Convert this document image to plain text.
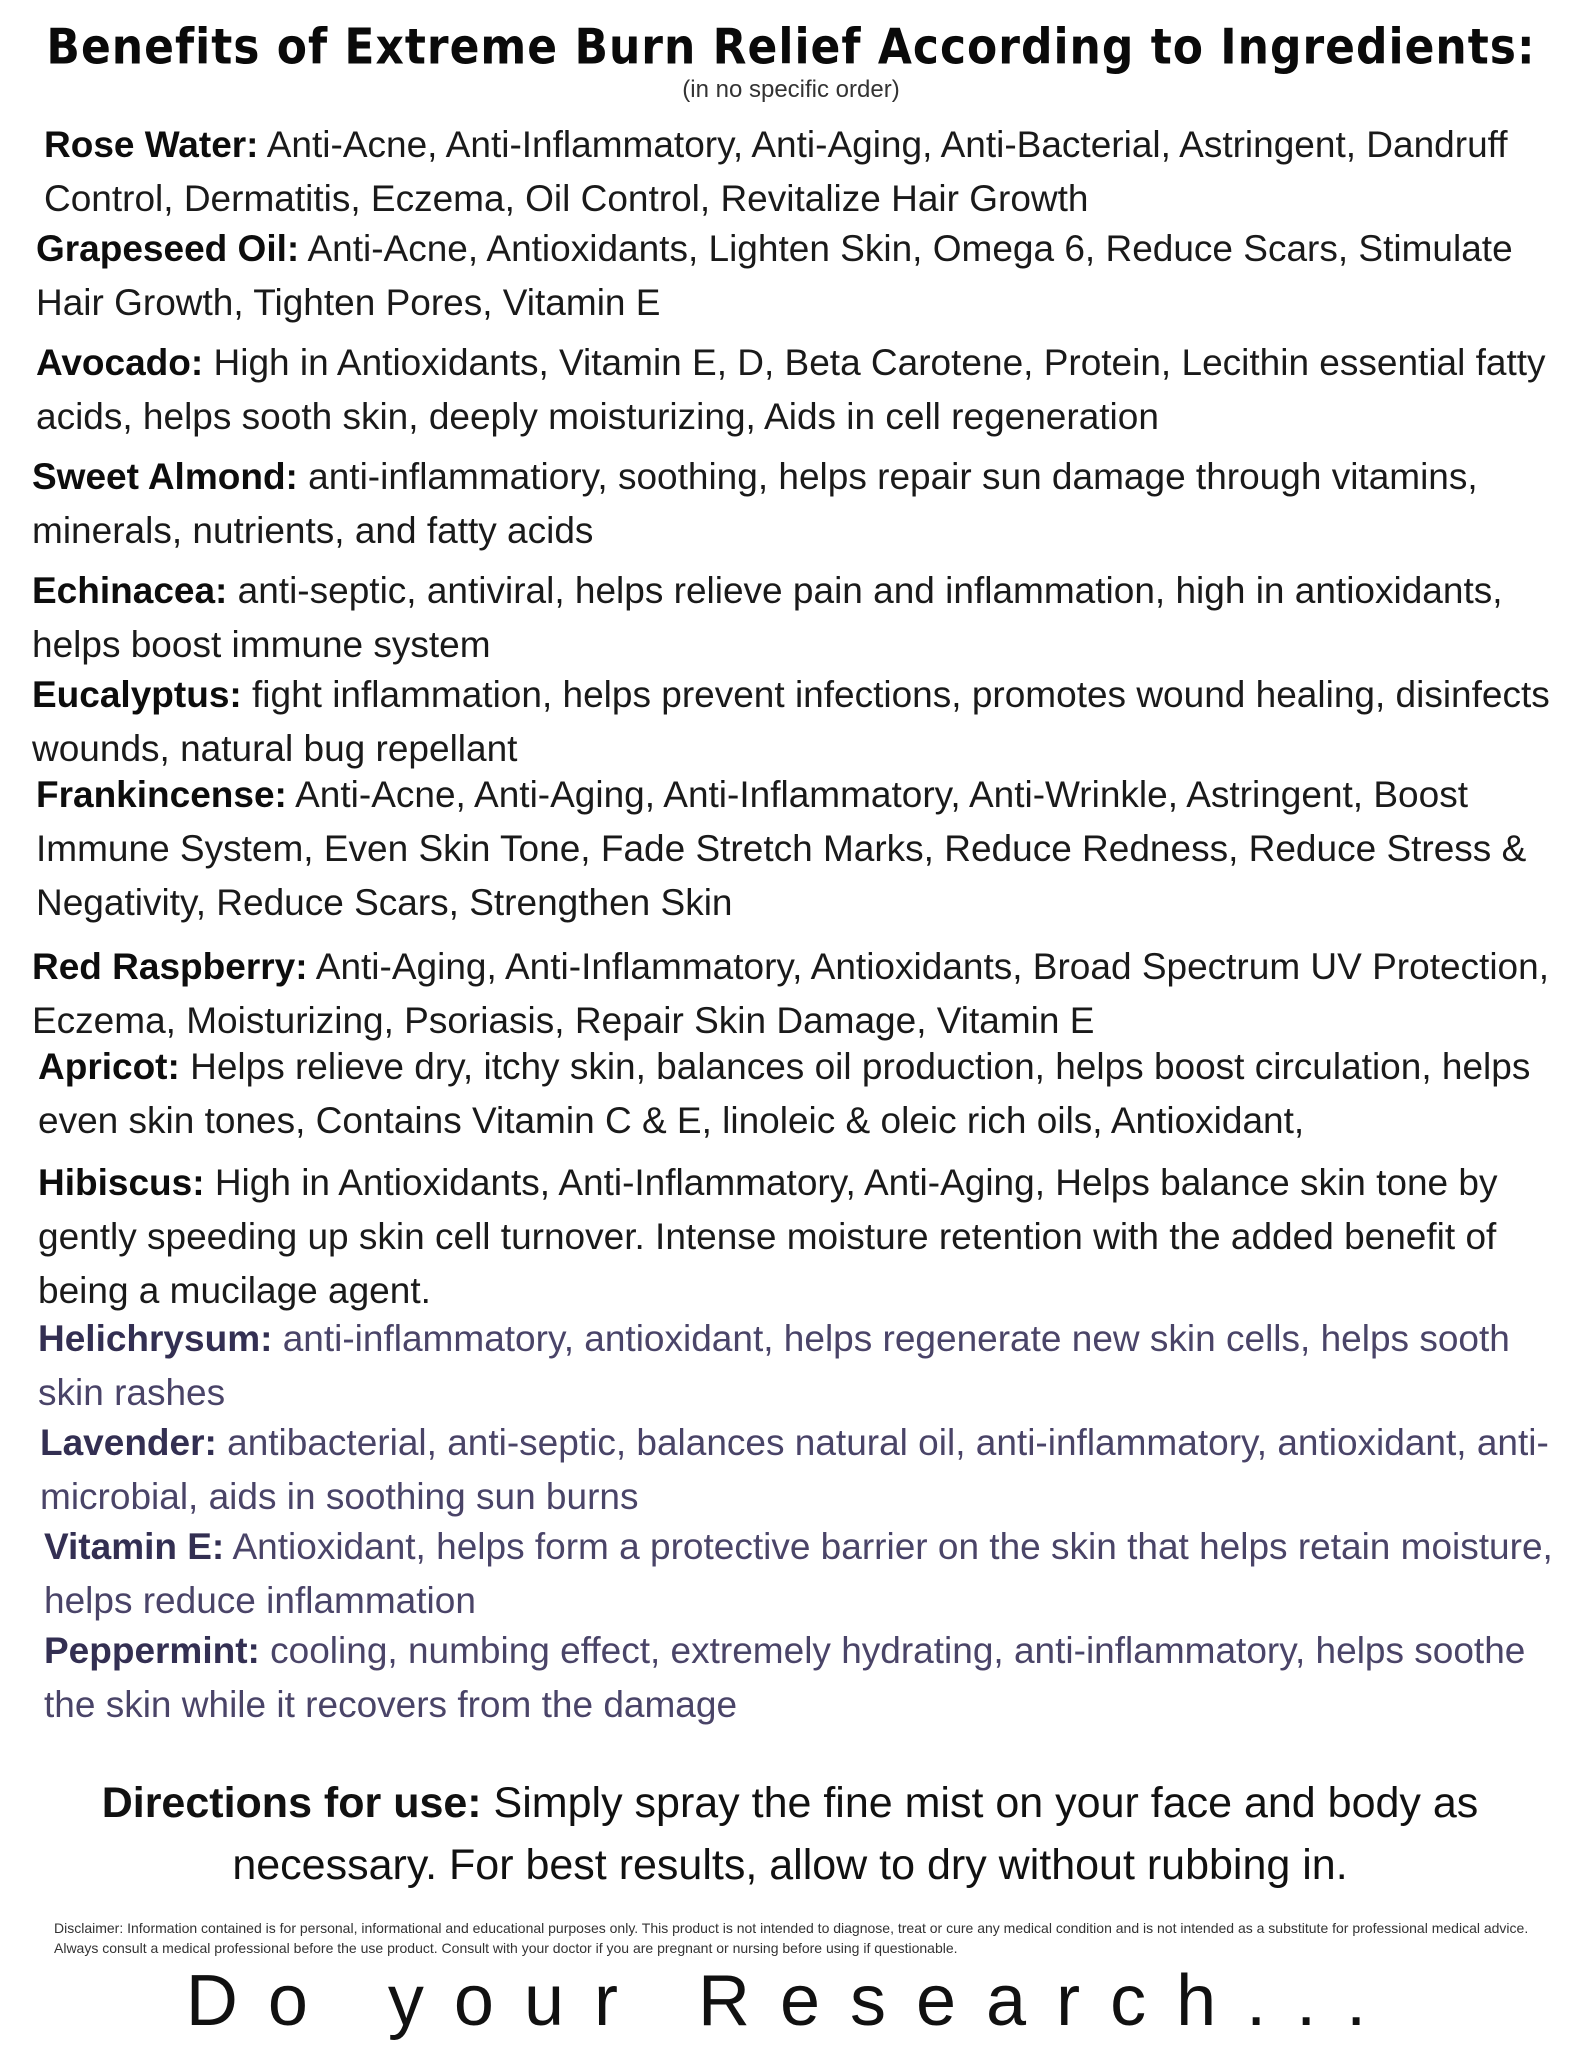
Benefits of Extreme Burn Relief According to Ingredients:
(in no specific order)
Rose Water: Anti-Acne, Anti-Inflammatory, Anti-Aging, Anti-Bacterial, Astringent, Dandruff Control, Dermatitis, Eczema, Oil Control, Revitalize Hair Growth
Grapeseed Oil: Anti-Acne, Antioxidants, Lighten Skin, Omega 6, Reduce Scars, Stimulate Hair Growth, Tighten Pores, Vitamin E
Avocado: High in Antioxidants, Vitamin E, D, Beta Carotene, Protein, Lecithin essential fatty acids, helps sooth skin, deeply moisturizing, Aids in cell regeneration
Sweet Almond: anti-inflammatiory, soothing, helps repair sun damage through vitamins, minerals, nutrients, and fatty acids
Echinacea: anti-septic, antiviral, helps relieve pain and inflammation, high in antioxidants, helps boost immune system
Eucalyptus: fight inflammation, helps prevent infections, promotes wound healing, disinfects wounds, natural bug repellant
Frankincense: Anti-Acne, Anti-Aging, Anti-Inflammatory, Anti-Wrinkle, Astringent, Boost Immune System, Even Skin Tone, Fade Stretch Marks, Reduce Redness, Reduce Stress & Negativity, Reduce Scars, Strengthen Skin
Red Raspberry: Anti-Aging, Anti-Inflammatory, Antioxidants, Broad Spectrum UV Protection, Eczema, Moisturizing, Psoriasis, Repair Skin Damage, Vitamin E
Apricot: Helps relieve dry, itchy skin, balances oil production, helps boost circulation, helps even skin tones, Contains Vitamin C & E, linoleic & oleic rich oils, Antioxidant,
Hibiscus: High in Antioxidants, Anti-Inflammatory, Anti-Aging, Helps balance skin tone by gently speeding up skin cell turnover. Intense moisture retention with the added benefit of being a mucilage agent.
Helichrysum: anti-inflammatory, antioxidant, helps regenerate new skin cells, helps sooth skin rashes
Lavender: antibacterial, anti-septic, balances natural oil, anti-inflammatory, antioxidant, anti-microbial, aids in soothing sun burns
Vitamin E: Antioxidant, helps form a protective barrier on the skin that helps retain moisture, helps reduce inflammation
Peppermint: cooling, numbing effect, extremely hydrating, anti-inflammatory, helps soothe the skin while it recovers from the damage
Directions for use: Simply spray the fine mist on your face and body as necessary. For best results, allow to dry without rubbing in.
Disclaimer: Information contained is for personal, informational and educational purposes only. This product is not intended to diagnose, treat or cure any medical condition and is not intended as a substitute for professional medical advice. Always consult a medical professional before the use product. Consult with your doctor if you are pregnant or nursing before using if questionable.
Do your Research...
